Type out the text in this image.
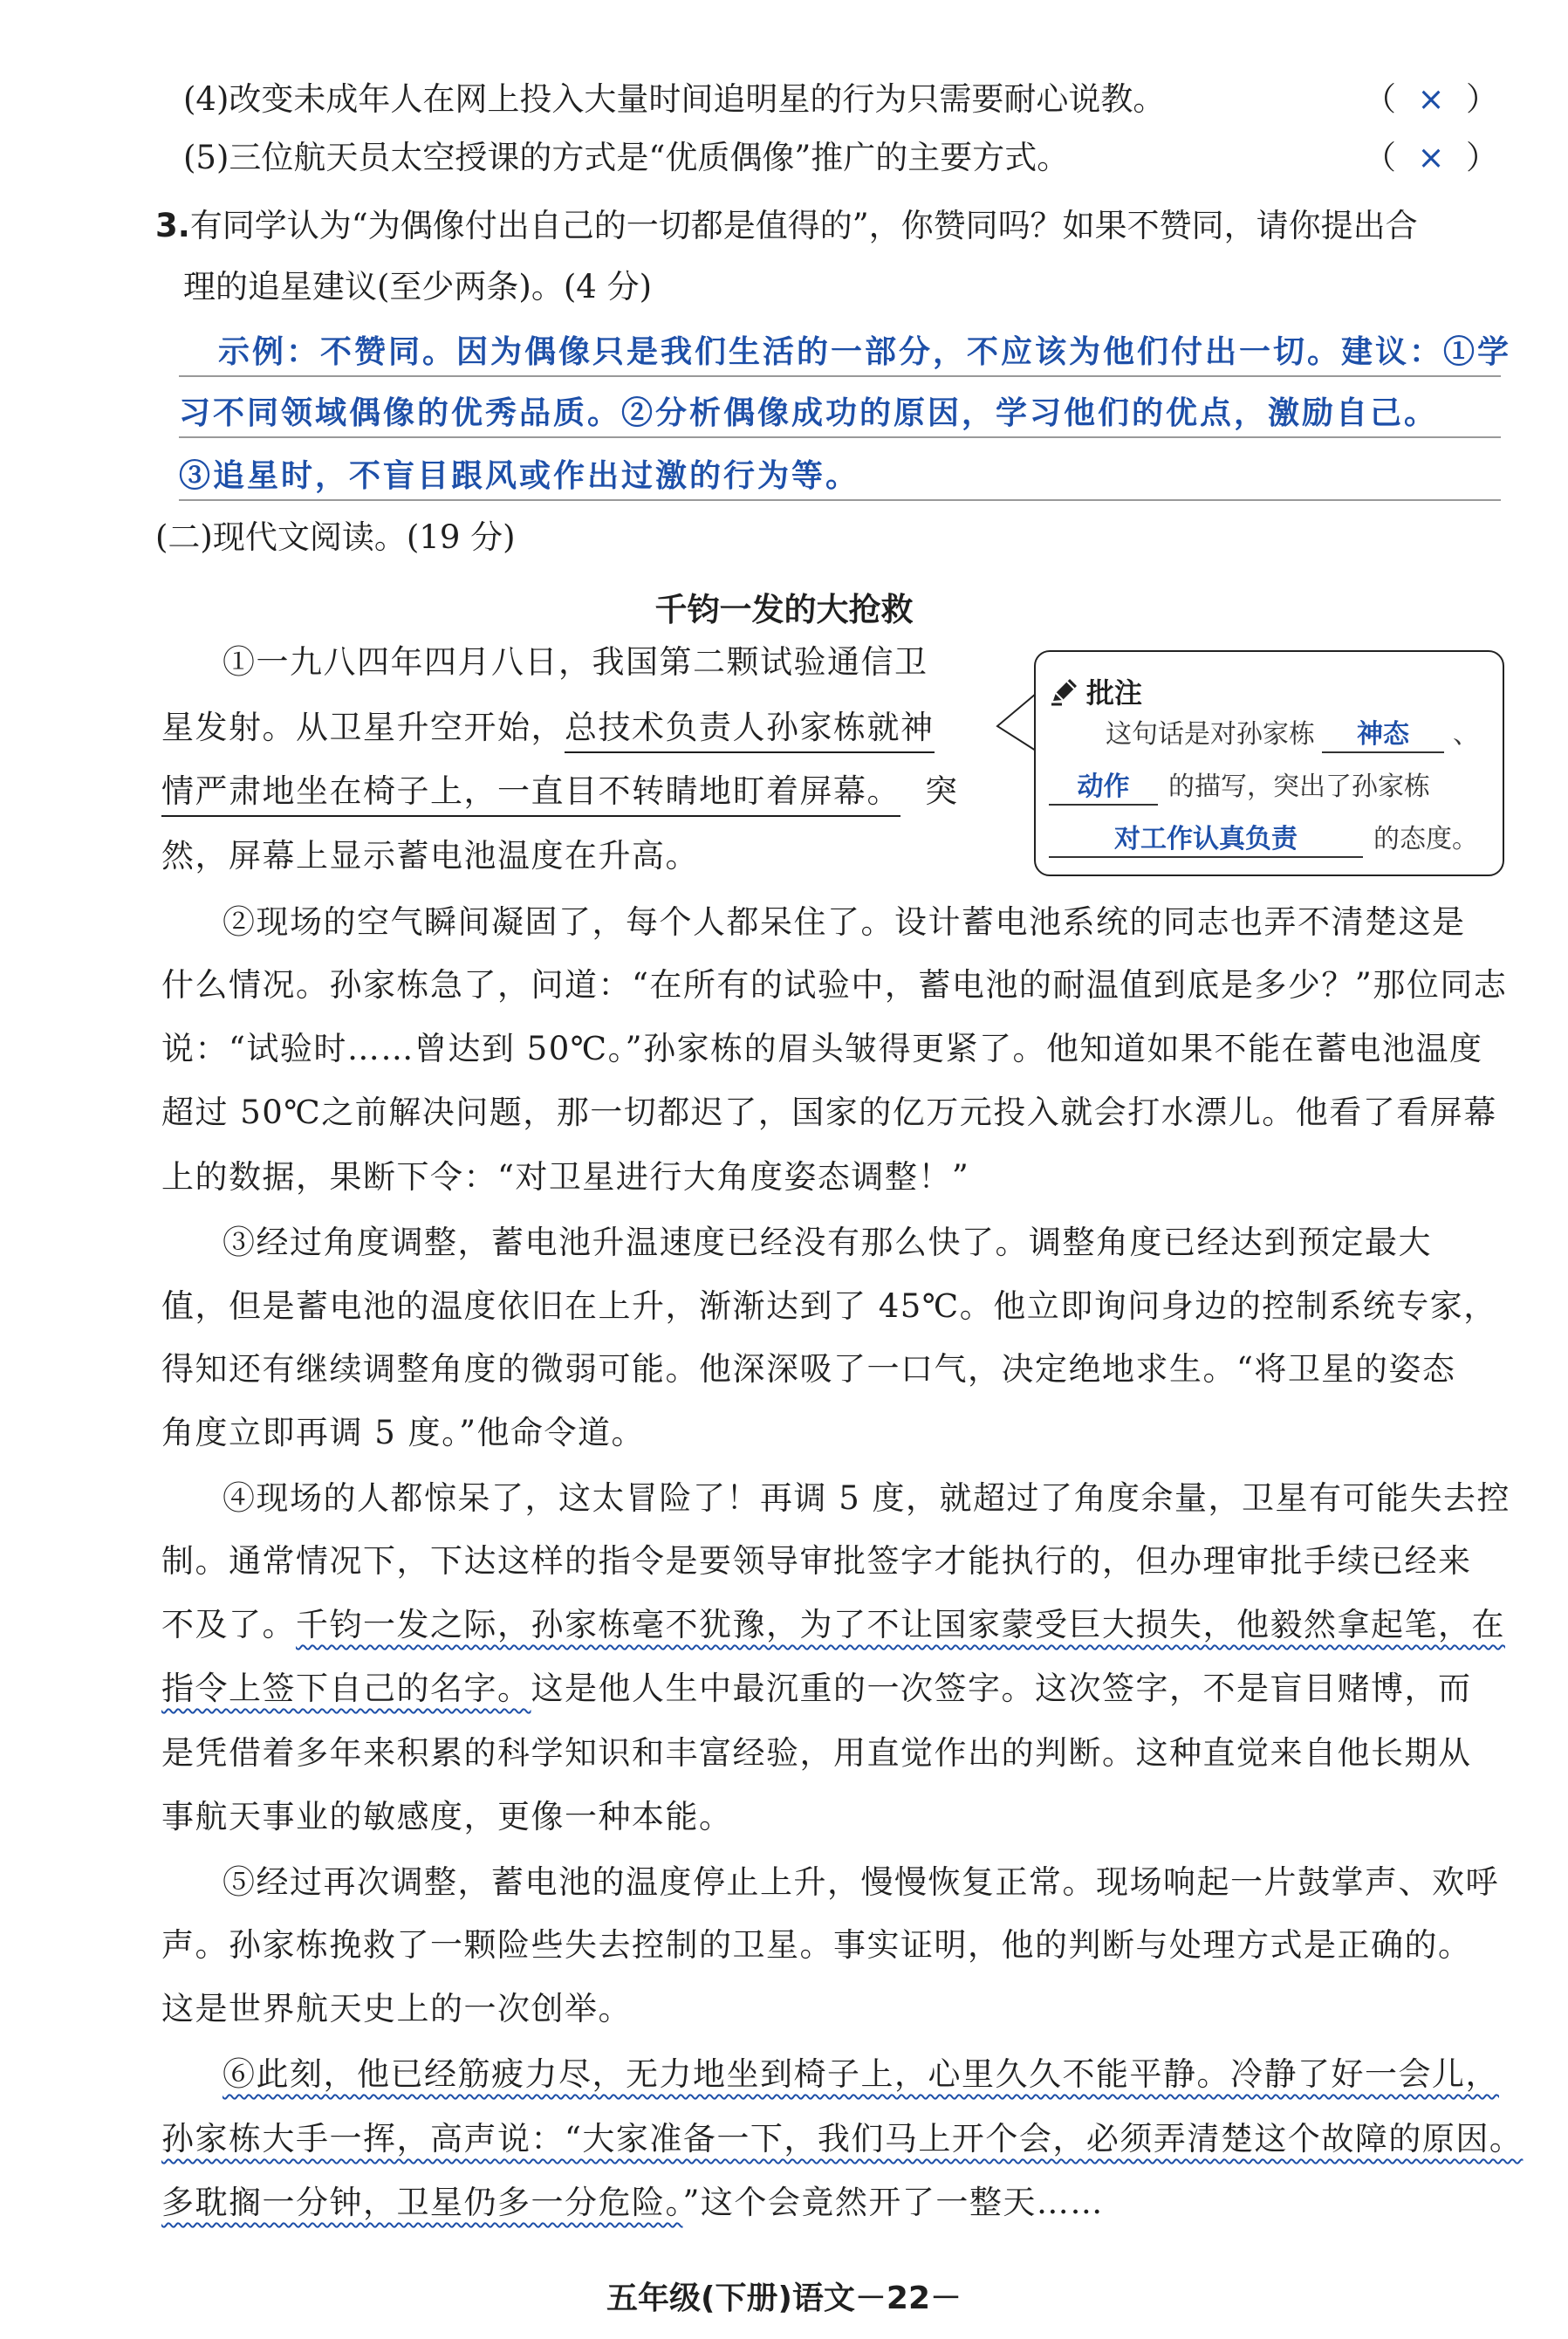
(4)改变未成年人在网上投入大量时间追明星的行为只需要耐心说教。	（ × ）
(5)三位航天员太空授课的方式是“优质偶像”推广的主要方式。	（ × ）
3.有同学认为“为偶像付出自己的一切都是值得的”，你赞同吗？如果不赞同，请你提出合
理的追星建议(至少两条)。(4 分)
示例：不赞同。因为偶像只是我们生活的一部分，不应该为他们付出一切。建议：①学
习不同领域偶像的优秀品质。②分析偶像成功的原因，学习他们的优点，激励自己。
③追星时，不盲目跟风或作出过激的行为等。
(二)现代文阅读。(19 分)
千钧一发的大抢救
①一九八四年四月八日，我国第二颗试验通信卫
星发射。从卫星升空开始，总技术负责人孙家栋就神
情严肃地坐在椅子上，一直目不转睛地盯着屏幕。 突
然，屏幕上显示蓄电池温度在升高。
批注
这句话是对孙家栋 神态 、
动作 的描写，突出了孙家栋
对工作认真负责	的态度。
②现场的空气瞬间凝固了，每个人都呆住了。设计蓄电池系统的同志也弄不清楚这是
什么情况。孙家栋急了，问道：“在所有的试验中，蓄电池的耐温值到底是多少？”那位同志
说：“试验时……曾达到 50℃。”孙家栋的眉头皱得更紧了。他知道如果不能在蓄电池温度
超过 50℃之前解决问题，那一切都迟了，国家的亿万元投入就会打水漂儿。他看了看屏幕
上的数据，果断下令：“对卫星进行大角度姿态调整！”
③经过角度调整，蓄电池升温速度已经没有那么快了。调整角度已经达到预定最大
值，但是蓄电池的温度依旧在上升，渐渐达到了 45℃。他立即询问身边的控制系统专家，
得知还有继续调整角度的微弱可能。他深深吸了一口气，决定绝地求生。“将卫星的姿态
角度立即再调 5 度。”他命令道。
④现场的人都惊呆了，这太冒险了！再调 5 度，就超过了角度余量，卫星有可能失去控
制。通常情况下，下达这样的指令是要领导审批签字才能执行的，但办理审批手续已经来
不及了。千钧一发之际，孙家栋毫不犹豫，为了不让国家蒙受巨大损失，他毅然拿起笔，在
指令上签下自己的名字。这是他人生中最沉重的一次签字。这次签字，不是盲目赌博，而
是凭借着多年来积累的科学知识和丰富经验，用直觉作出的判断。这种直觉来自他长期从
事航天事业的敏感度，更像一种本能。
⑤经过再次调整，蓄电池的温度停止上升，慢慢恢复正常。现场响起一片鼓掌声、欢呼
声。孙家栋挽救了一颗险些失去控制的卫星。事实证明，他的判断与处理方式是正确的。
这是世界航天史上的一次创举。
⑥此刻，他已经筋疲力尽，无力地坐到椅子上，心里久久不能平静。冷静了好一会儿，
孙家栋大手一挥，高声说：“大家准备一下，我们马上开个会，必须弄清楚这个故障的原因。
多耽搁一分钟，卫星仍多一分危险。”这个会竟然开了一整天……
五年级(下册)语文－22－
